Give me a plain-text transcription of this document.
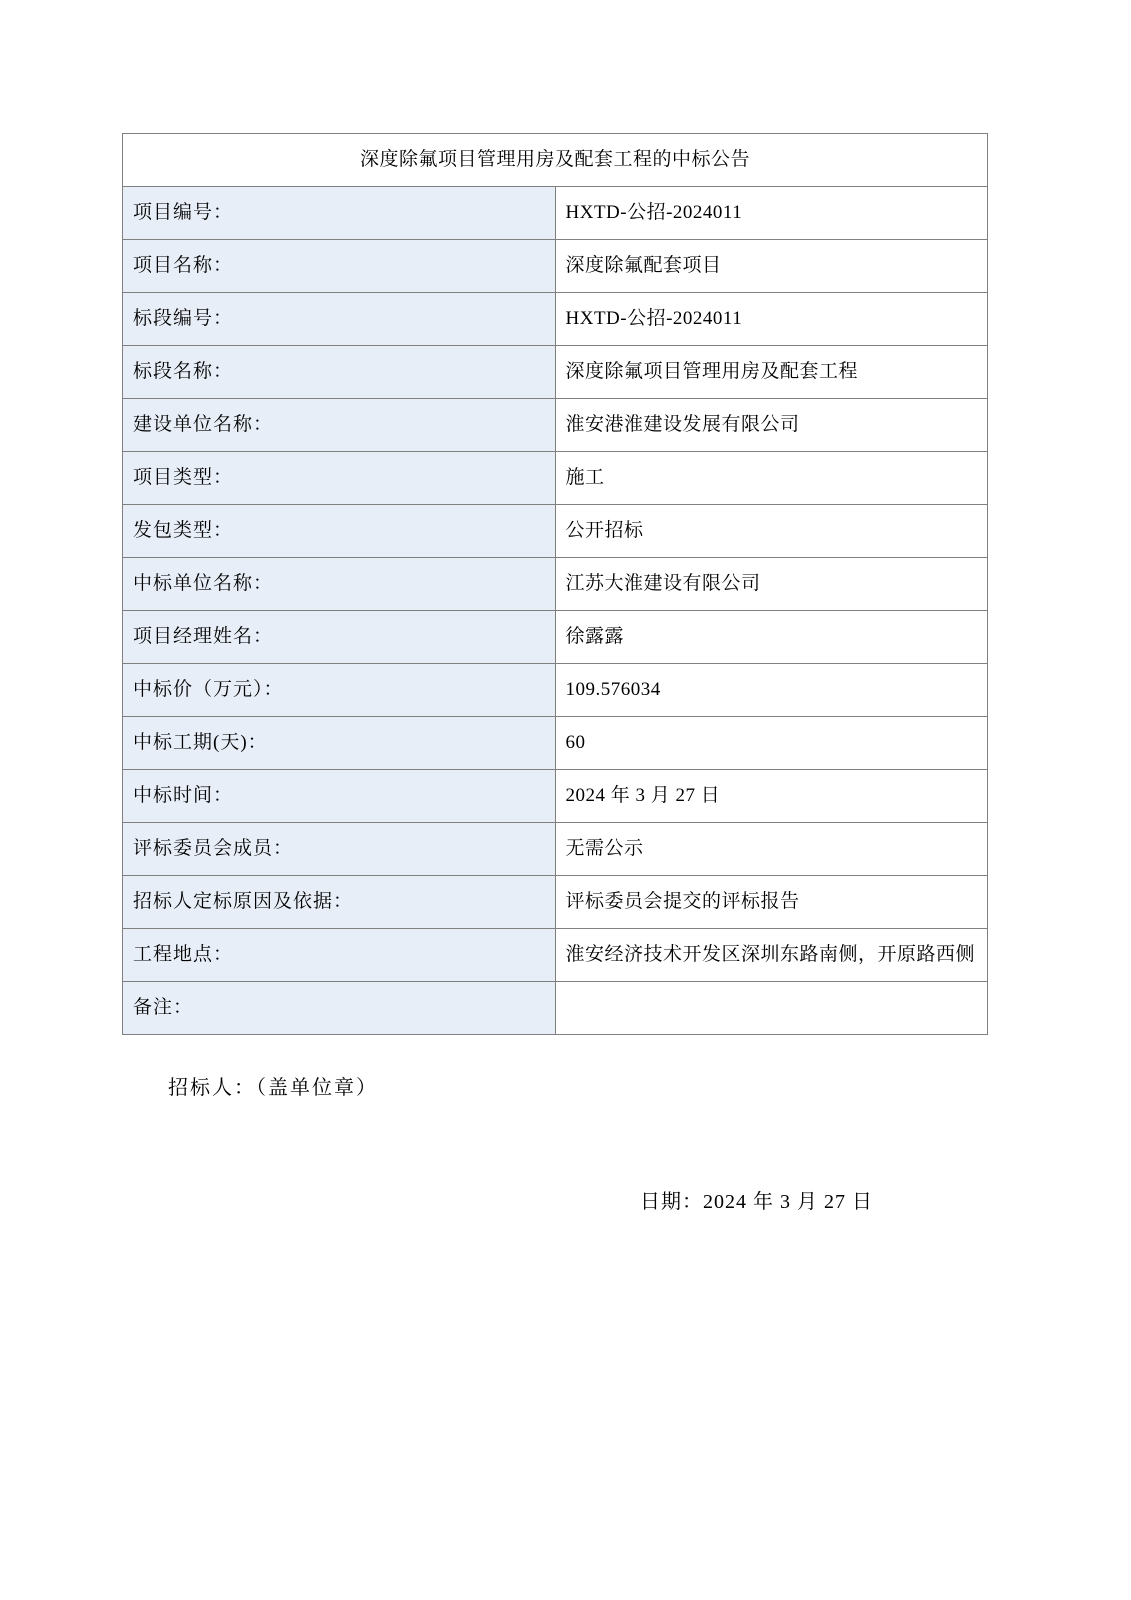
深度除氟项目管理用房及配套工程的中标公告	
项目编号：	HXTD-公招-2024011
项目名称：	深度除氟配套项目
标段编号：	HXTD-公招-2024011
标段名称：	深度除氟项目管理用房及配套工程
建设单位名称：	淮安港淮建设发展有限公司
项目类型：	施工
发包类型：	公开招标
中标单位名称：	江苏大淮建设有限公司
项目经理姓名：	徐露露
中标价（万元）：	109.576034
中标工期(天)：	60
中标时间：	2024 年 3 月 27 日
评标委员会成员：	无需公示
招标人定标原因及依据：	评标委员会提交的评标报告
工程地点：	淮安经济技术开发区深圳东路南侧，开原路西侧
备注：	
招标人：（盖单位章）
日期：2024 年 3 月 27 日
